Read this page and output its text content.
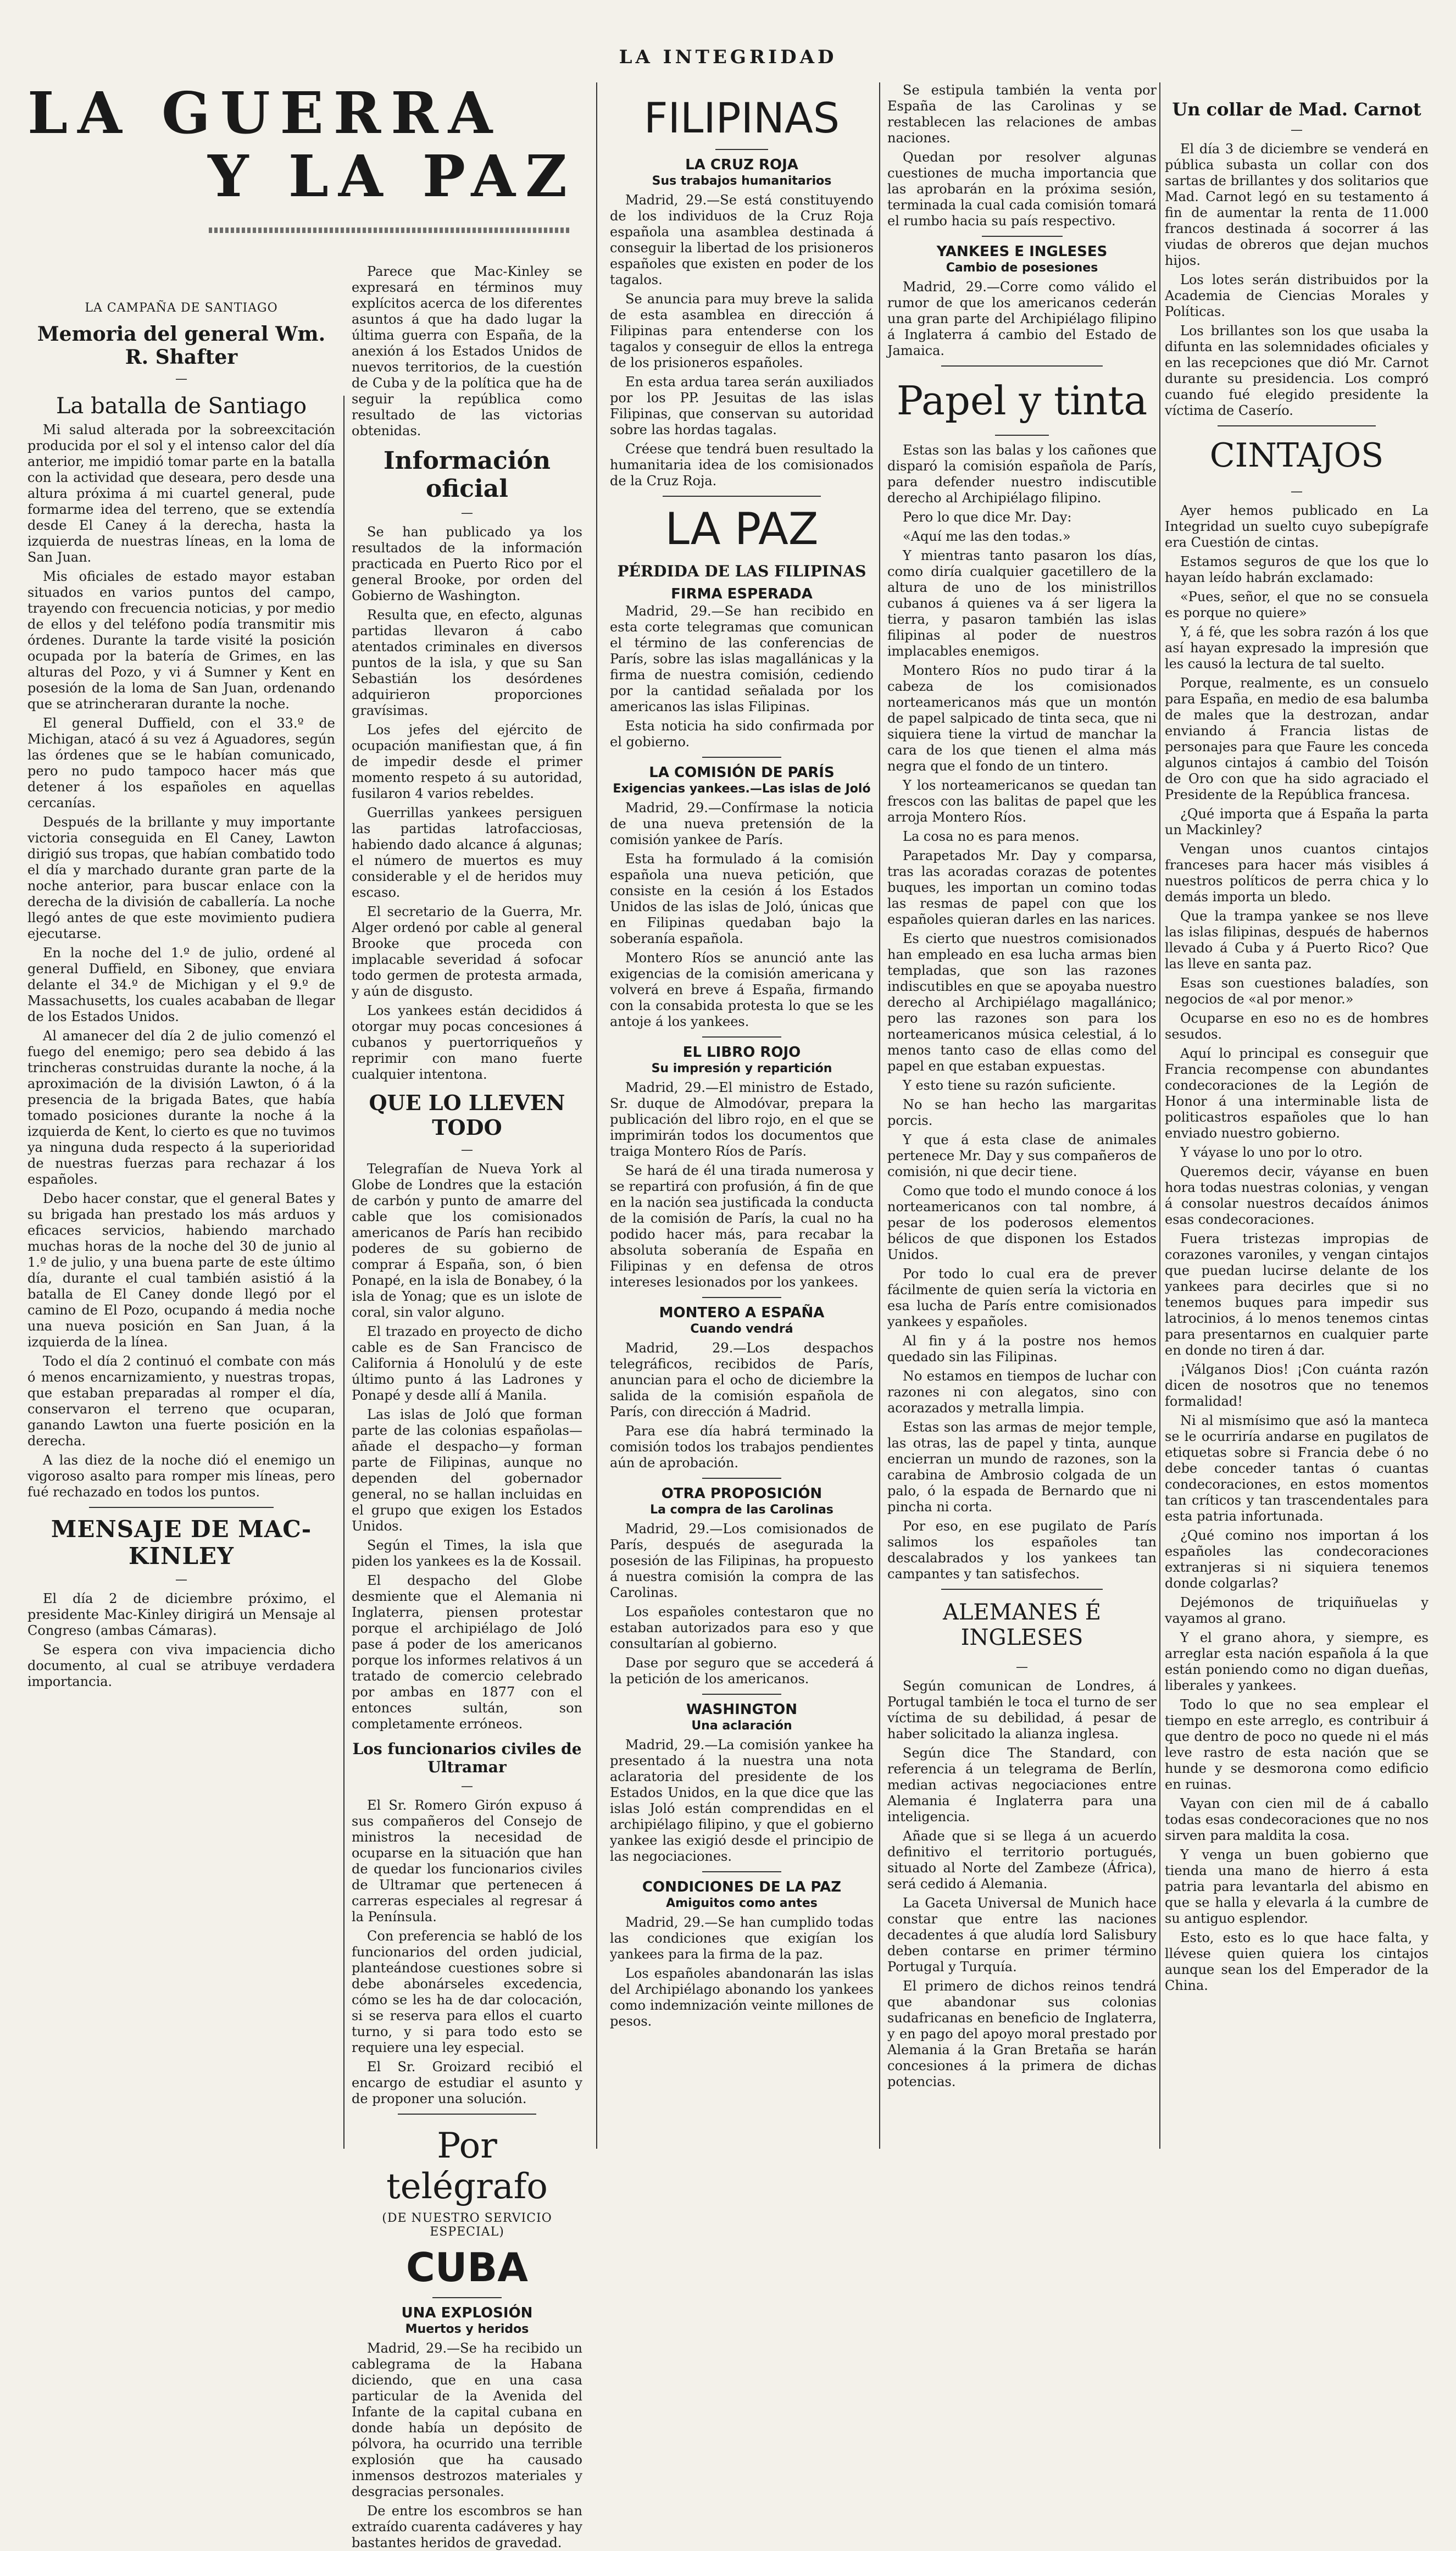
LA INTEGRIDAD
LA GUERRA
LA CAMPAÑA DE SANTIAGO
Memoria del general Wm. R. Shafter
—
La batalla de Santiago

Mi salud alterada por la sobreexcitación producida por el sol y el intenso calor del día anterior, me impidió tomar parte en la batalla con la actividad que deseara, pero desde una altura próxima á mi cuartel general, pude formarme idea del terreno, que se extendía desde El Caney á la derecha, hasta la izquierda de nuestras líneas, en la loma de San Juan.

Mis oficiales de estado mayor estaban situados en varios puntos del campo, trayendo con frecuencia noticias, y por medio de ellos y del teléfono podía transmitir mis órdenes. Durante la tarde visité la posición ocupada por la batería de Grimes, en las alturas del Pozo, y vi á Sumner y Kent en posesión de la loma de San Juan, ordenando que se atrincheraran durante la noche.

El general Duffield, con el 33.º de Michigan, atacó á su vez á Aguadores, según las órdenes que se le habían comunicado, pero no pudo tampoco hacer más que detener á los españoles en aquellas cercanías.

Después de la brillante y muy importante victoria conseguida en El Caney, Lawton dirigió sus tropas, que habían combatido todo el día y marchado durante gran parte de la noche anterior, para buscar enlace con la derecha de la división de caballería. La noche llegó antes de que este movimiento pudiera ejecutarse.

En la noche del 1.º de julio, ordené al general Duffield, en Siboney, que enviara delante el 34.º de Michigan y el 9.º de Massachusetts, los cuales acababan de llegar de los Estados Unidos.

Al amanecer del día 2 de julio comenzó el fuego del enemigo; pero sea debido á las trincheras construidas durante la noche, á la aproximación de la división Lawton, ó á la presencia de la brigada Bates, que había tomado posiciones durante la noche á la izquierda de Kent, lo cierto es que no tuvimos ya ninguna duda respecto á la superioridad de nuestras fuerzas para rechazar á los españoles.

Debo hacer constar, que el general Bates y su brigada han prestado los más arduos y eficaces servicios, habiendo marchado muchas horas de la noche del 30 de junio al 1.º de julio, y una buena parte de este último día, durante el cual también asistió á la batalla de El Caney donde llegó por el camino de El Pozo, ocupando á media noche una nueva posición en San Juan, á la izquierda de la línea.

Todo el día 2 continuó el combate con más ó menos encarnizamiento, y nuestras tropas, que estaban preparadas al romper el día, conservaron el terreno que ocuparan, ganando Lawton una fuerte posición en la derecha.

A las diez de la noche dió el enemigo un vigoroso asalto para romper mis líneas, pero fué rechazado en todos los puntos.

MENSAJE DE MAC-KINLEY
—

El día 2 de diciembre próximo, el presidente Mac-Kinley dirigirá un Mensaje al Congreso (ambas Cámaras).

Se espera con viva impaciencia dicho documento, al cual se atribuye verdadera importancia.

Y LA PAZ

Parece que Mac-Kinley se expresará en términos muy explícitos acerca de los diferentes asuntos á que ha dado lugar la última guerra con España, de la anexión á los Estados Unidos de nuevos territorios, de la cuestión de Cuba y de la política que ha de seguir la república como resultado de las victorias obtenidas.

Información oficial
—

Se han publicado ya los resultados de la información practicada en Puerto Rico por el general Brooke, por orden del Gobierno de Washington.

Resulta que, en efecto, algunas partidas llevaron á cabo atentados criminales en diversos puntos de la isla, y que su San Sebastián los desórdenes adquirieron proporciones gravísimas.

Los jefes del ejército de ocupación manifiestan que, á fin de impedir desde el primer momento respeto á su autoridad, fusilaron 4 varios rebeldes.

Guerrillas yankees persiguen las partidas latrofacciosas, habiendo dado alcance á algunas; el número de muertos es muy considerable y el de heridos muy escaso.

El secretario de la Guerra, Mr. Alger ordenó por cable al general Brooke que proceda con implacable severidad á sofocar todo germen de protesta armada, y aún de disgusto.

Los yankees están decididos á otorgar muy pocas concesiones á cubanos y puertorriqueños y reprimir con mano fuerte cualquier intentona.

QUE LO LLEVEN TODO
—

Telegrafían de Nueva York al Globe de Londres que la estación de carbón y punto de amarre del cable que los comisionados americanos de París han recibido poderes de su gobierno de comprar á España, son, ó bien Ponapé, en la isla de Bonabey, ó la isla de Yonag; que es un islote de coral, sin valor alguno.

El trazado en proyecto de dicho cable es de San Francisco de California á Honolulú y de este último punto á las Ladrones y Ponapé y desde allí á Manila.

Las islas de Joló que forman parte de las colonias españolas—añade el despacho—y forman parte de Filipinas, aunque no dependen del gobernador general, no se hallan incluidas en el grupo que exigen los Estados Unidos.

Según el Times, la isla que piden los yankees es la de Kossail.

El despacho del Globe desmiente que el Alemania ni Inglaterra, piensen protestar porque el archipiélago de Joló pase á poder de los americanos porque los informes relativos á un tratado de comercio celebrado por ambas en 1877 con el entonces sultán, son completamente erróneos.

Los funcionarios civiles de Ultramar
—

El Sr. Romero Girón expuso á sus compañeros del Consejo de ministros la necesidad de ocuparse en la situación que han de quedar los funcionarios civiles de Ultramar que pertenecen á carreras especiales al regresar á la Península.

Con preferencia se habló de los funcionarios del orden judicial, planteándose cuestiones sobre si debe abonárseles excedencia, cómo se les ha de dar colocación, si se reserva para ellos el cuarto turno, y si para todo esto se requiere una ley especial.

El Sr. Groizard recibió el encargo de estudiar el asunto y de proponer una solución.

Por telégrafo
(DE NUESTRO SERVICIO ESPECIAL)
CUBA
UNA EXPLOSIÓN
Muertos y heridos

Madrid, 29.—Se ha recibido un cablegrama de la Habana diciendo, que en una casa particular de la Avenida del Infante de la capital cubana en donde había un depósito de pólvora, ha ocurrido una terrible explosión que ha causado inmensos destrozos materiales y desgracias personales.

De entre los escombros se han extraído cuarenta cadáveres y hay bastantes heridos de gravedad.

FILIPINAS
LA CRUZ ROJA
Sus trabajos humanitarios

Madrid, 29.—Se está constituyendo de los individuos de la Cruz Roja española una asamblea destinada á conseguir la libertad de los prisioneros españoles que existen en poder de los tagalos.

Se anuncia para muy breve la salida de esta asamblea en dirección á Filipinas para entenderse con los tagalos y conseguir de ellos la entrega de los prisioneros españoles.

En esta ardua tarea serán auxiliados por los PP. Jesuitas de las islas Filipinas, que conservan su autoridad sobre las hordas tagalas.

Créese que tendrá buen resultado la humanitaria idea de los comisionados de la Cruz Roja.

LA PAZ
PÉRDIDA DE LAS FILIPINAS
FIRMA ESPERADA

Madrid, 29.—Se han recibido en esta corte telegramas que comunican el término de las conferencias de París, sobre las islas magallánicas y la firma de nuestra comisión, cediendo por la cantidad señalada por los americanos las islas Filipinas.

Esta noticia ha sido confirmada por el gobierno.

LA COMISIÓN DE PARÍS
Exigencias yankees.—Las islas de Joló

Madrid, 29.—Confírmase la noticia de una nueva pretensión de la comisión yankee de París.

Esta ha formulado á la comisión española una nueva petición, que consiste en la cesión á los Estados Unidos de las islas de Joló, únicas que en Filipinas quedaban bajo la soberanía española.

Montero Ríos se anunció ante las exigencias de la comisión americana y volverá en breve á España, firmando con la consabida protesta lo que se les antoje á los yankees.

EL LIBRO ROJO
Su impresión y repartición

Madrid, 29.—El ministro de Estado, Sr. duque de Almodóvar, prepara la publicación del libro rojo, en el que se imprimirán todos los documentos que traiga Montero Ríos de París.

Se hará de él una tirada numerosa y se repartirá con profusión, á fin de que en la nación sea justificada la conducta de la comisión de París, la cual no ha podido hacer más, para recabar la absoluta soberanía de España en Filipinas y en defensa de otros intereses lesionados por los yankees.

MONTERO A ESPAÑA
Cuando vendrá

Madrid, 29.—Los despachos telegráficos, recibidos de París, anuncian para el ocho de diciembre la salida de la comisión española de París, con dirección á Madrid.

Para ese día habrá terminado la comisión todos los trabajos pendientes aún de aprobación.

OTRA PROPOSICIÓN
La compra de las Carolinas

Madrid, 29.—Los comisionados de París, después de asegurada la posesión de las Filipinas, ha propuesto á nuestra comisión la compra de las Carolinas.

Los españoles contestaron que no estaban autorizados para eso y que consultarían al gobierno.

Dase por seguro que se accederá á la petición de los americanos.

WASHINGTON
Una aclaración

Madrid, 29.—La comisión yankee ha presentado á la nuestra una nota aclaratoria del presidente de los Estados Unidos, en la que dice que las islas Joló están comprendidas en el archipiélago filipino, y que el gobierno yankee las exigió desde el principio de las negociaciones.

CONDICIONES DE LA PAZ
Amiguitos como antes

Madrid, 29.—Se han cumplido todas las condiciones que exigían los yankees para la firma de la paz.

Los españoles abandonarán las islas del Archipiélago abonando los yankees como indemnización veinte millones de pesos.

Se estipula también la venta por España de las Carolinas y se restablecen las relaciones de ambas naciones.

Quedan por resolver algunas cuestiones de mucha importancia que las aprobarán en la próxima sesión, terminada la cual cada comisión tomará el rumbo hacia su país respectivo.

YANKEES E INGLESES
Cambio de posesiones

Madrid, 29.—Corre como válido el rumor de que los americanos cederán una gran parte del Archipiélago filipino á Inglaterra á cambio del Estado de Jamaica.

Papel y tinta

Estas son las balas y los cañones que disparó la comisión española de París, para defender nuestro indiscutible derecho al Archipiélago filipino.

Pero lo que dice Mr. Day:

«Aquí me las den todas.»

Y mientras tanto pasaron los días, como diría cualquier gacetillero de la altura de uno de los ministrillos cubanos á quienes va á ser ligera la tierra, y pasaron también las islas filipinas al poder de nuestros implacables enemigos.

Montero Ríos no pudo tirar á la cabeza de los comisionados norteamericanos más que un montón de papel salpicado de tinta seca, que ni siquiera tiene la virtud de manchar la cara de los que tienen el alma más negra que el fondo de un tintero.

Y los norteamericanos se quedan tan frescos con las balitas de papel que les arroja Montero Ríos.

La cosa no es para menos.

Parapetados Mr. Day y comparsa, tras las acoradas corazas de potentes buques, les importan un comino todas las resmas de papel con que los españoles quieran darles en las narices.

Es cierto que nuestros comisionados han empleado en esa lucha armas bien templadas, que son las razones indiscutibles en que se apoyaba nuestro derecho al Archipiélago magallánico; pero las razones son para los norteamericanos música celestial, á lo menos tanto caso de ellas como del papel en que estaban expuestas.

Y esto tiene su razón suficiente.

No se han hecho las margaritas porcis.

Y que á esta clase de animales pertenece Mr. Day y sus compañeros de comisión, ni que decir tiene.

Como que todo el mundo conoce á los norteamericanos con tal nombre, á pesar de los poderosos elementos bélicos de que disponen los Estados Unidos.

Por todo lo cual era de prever fácilmente de quien sería la victoria en esa lucha de París entre comisionados yankees y españoles.

Al fin y á la postre nos hemos quedado sin las Filipinas.

No estamos en tiempos de luchar con razones ni con alegatos, sino con acorazados y metralla limpia.

Estas son las armas de mejor temple, las otras, las de papel y tinta, aunque encierran un mundo de razones, son la carabina de Ambrosio colgada de un palo, ó la espada de Bernardo que ni pincha ni corta.

Por eso, en ese pugilato de París salimos los españoles tan descalabrados y los yankees tan campantes y tan satisfechos.

ALEMANES É INGLESES
—

Según comunican de Londres, á Portugal también le toca el turno de ser víctima de su debilidad, á pesar de haber solicitado la alianza inglesa.

Según dice The Standard, con referencia á un telegrama de Berlín, median activas negociaciones entre Alemania é Inglaterra para una inteligencia.

Añade que si se llega á un acuerdo definitivo el territorio portugués, situado al Norte del Zambeze (África), será cedido á Alemania.

La Gaceta Universal de Munich hace constar que entre las naciones decadentes á que aludía lord Salisbury deben contarse en primer término Portugal y Turquía.

El primero de dichos reinos tendrá que abandonar sus colonias sudafricanas en beneficio de Inglaterra, y en pago del apoyo moral prestado por Alemania á la Gran Bretaña se harán concesiones á la primera de dichas potencias.

Un collar de Mad. Carnot
—

El día 3 de diciembre se venderá en pública subasta un collar con dos sartas de brillantes y dos solitarios que Mad. Carnot legó en su testamento á fin de aumentar la renta de 11.000 francos destinada á socorrer á las viudas de obreros que dejan muchos hijos.

Los lotes serán distribuidos por la Academia de Ciencias Morales y Políticas.

Los brillantes son los que usaba la difunta en las solemnidades oficiales y en las recepciones que dió Mr. Carnot durante su presidencia. Los compró cuando fué elegido presidente la víctima de Caserío.

CINTAJOS
—

Ayer hemos publicado en La Integridad un suelto cuyo subepígrafe era Cuestión de cintas.

Estamos seguros de que los que lo hayan leído habrán exclamado:

«Pues, señor, el que no se consuela es porque no quiere»

Y, á fé, que les sobra razón á los que así hayan expresado la impresión que les causó la lectura de tal suelto.

Porque, realmente, es un consuelo para España, en medio de esa balumba de males que la destrozan, andar enviando á Francia listas de personajes para que Faure les conceda algunos cintajos á cambio del Toisón de Oro con que ha sido agraciado el Presidente de la República francesa.

¿Qué importa que á España la parta un Mackinley?

Vengan unos cuantos cintajos franceses para hacer más visibles á nuestros políticos de perra chica y lo demás importa un bledo.

Que la trampa yankee se nos lleve las islas filipinas, después de habernos llevado á Cuba y á Puerto Rico? Que las lleve en santa paz.

Esas son cuestiones baladíes, son negocios de «al por menor.»

Ocuparse en eso no es de hombres sesudos.

Aquí lo principal es conseguir que Francia recompense con abundantes condecoraciones de la Legión de Honor á una interminable lista de politicastros españoles que lo han enviado nuestro gobierno.

Y váyase lo uno por lo otro.

Queremos decir, váyanse en buen hora todas nuestras colonias, y vengan á consolar nuestros decaídos ánimos esas condecoraciones.

Fuera tristezas impropias de corazones varoniles, y vengan cintajos que puedan lucirse delante de los yankees para decirles que si no tenemos buques para impedir sus latrocinios, á lo menos tenemos cintas para presentarnos en cualquier parte en donde no tiren á dar.

¡Válganos Dios! ¡Con cuánta razón dicen de nosotros que no tenemos formalidad!

Ni al mismísimo que asó la manteca se le ocurriría andarse en pugilatos de etiquetas sobre si Francia debe ó no debe conceder tantas ó cuantas condecoraciones, en estos momentos tan críticos y tan trascendentales para esta patria infortunada.

¿Qué comino nos importan á los españoles las condecoraciones extranjeras si ni siquiera tenemos donde colgarlas?

Dejémonos de triquiñuelas y vayamos al grano.

Y el grano ahora, y siempre, es arreglar esta nación española á la que están poniendo como no digan dueñas, liberales y yankees.

Todo lo que no sea emplear el tiempo en este arreglo, es contribuir á que dentro de poco no quede ni el más leve rastro de esta nación que se hunde y se desmorona como edificio en ruinas.

Vayan con cien mil de á caballo todas esas condecoraciones que no nos sirven para maldita la cosa.

Y venga un buen gobierno que tienda una mano de hierro á esta patria para levantarla del abismo en que se halla y elevarla á la cumbre de su antiguo esplendor.

Esto, esto es lo que hace falta, y llévese quien quiera los cintajos aunque sean los del Emperador de la China.
